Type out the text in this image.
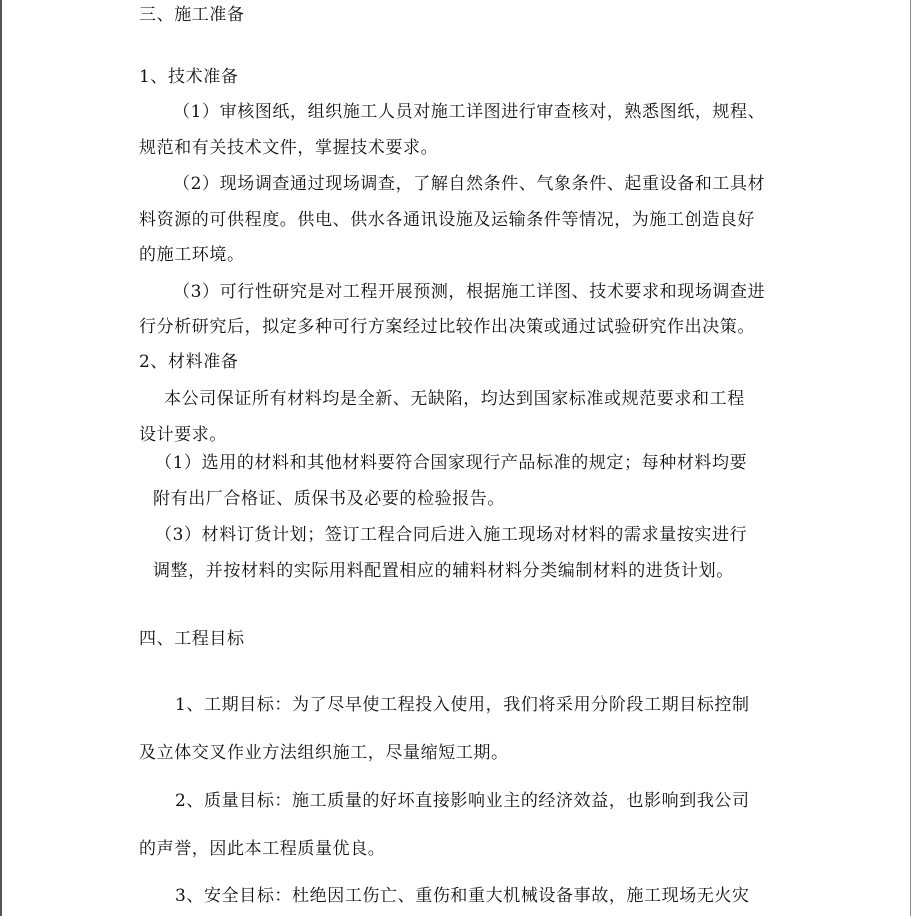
三、施工准备
1、技术准备
（1）审核图纸，组织施工人员对施工详图进行审查核对，熟悉图纸，规程、
规范和有关技术文件，掌握技术要求。
（2）现场调查通过现场调查，了解自然条件、气象条件、起重设备和工具材
料资源的可供程度。供电、供水各通讯设施及运输条件等情况，为施工创造良好
的施工环境。
（3）可行性研究是对工程开展预测，根据施工详图、技术要求和现场调查进
行分析研究后，拟定多种可行方案经过比较作出决策或通过试验研究作出决策。
2、材料准备
本公司保证所有材料均是全新、无缺陷，均达到国家标准或规范要求和工程
设计要求。
（1）选用的材料和其他材料要符合国家现行产品标准的规定；每种材料均要
附有出厂合格证、质保书及必要的检验报告。
（3）材料订货计划；签订工程合同后进入施工现场对材料的需求量按实进行
调整，并按材料的实际用料配置相应的辅料材料分类编制材料的进货计划。
四、工程目标
1、工期目标：为了尽早使工程投入使用，我们将采用分阶段工期目标控制
及立体交叉作业方法组织施工，尽量缩短工期。
2、质量目标：施工质量的好坏直接影响业主的经济效益，也影响到我公司
的声誉，因此本工程质量优良。
3、安全目标：杜绝因工伤亡、重伤和重大机械设备事故，施工现场无火灾
